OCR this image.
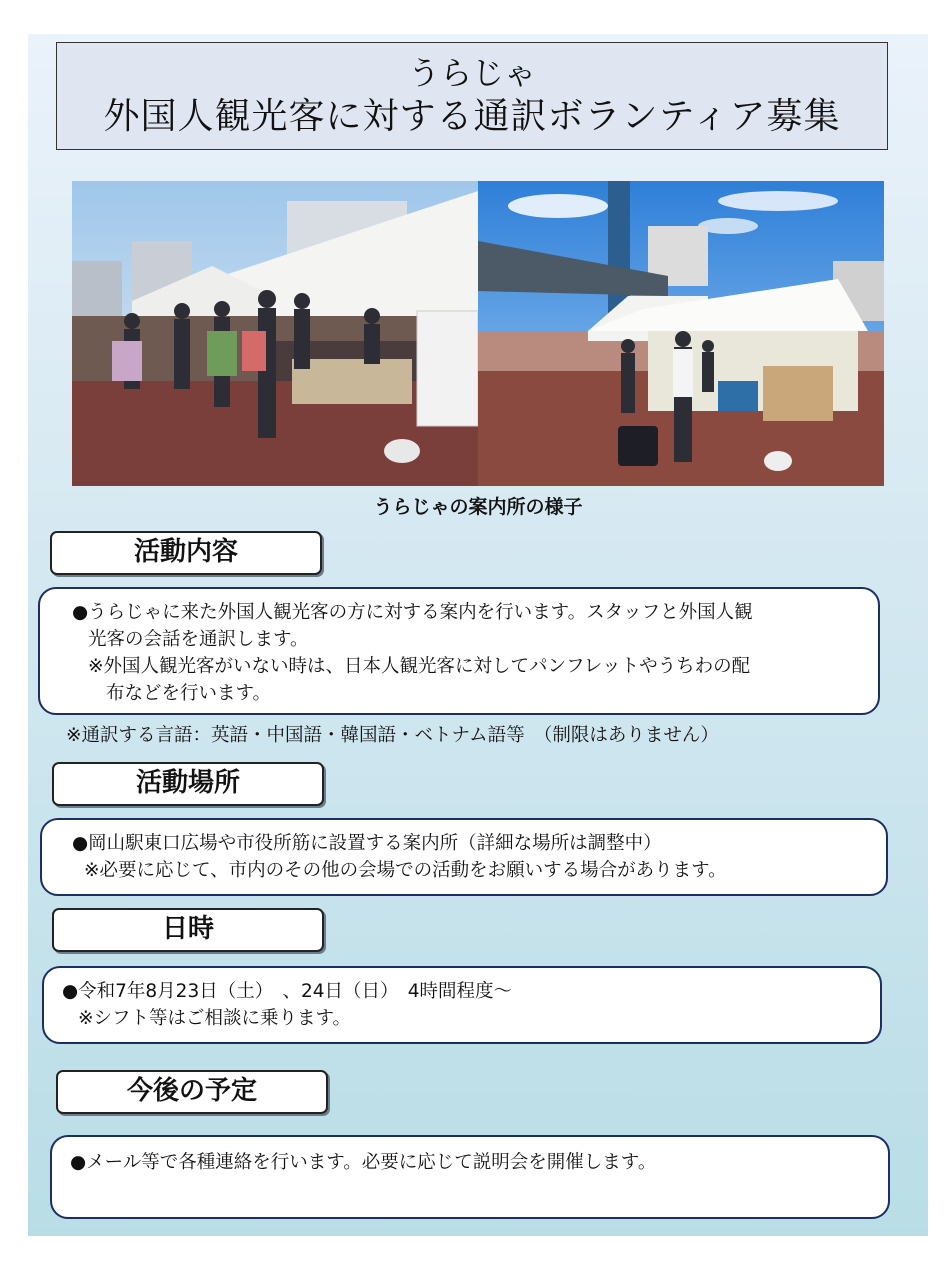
うらじゃ
外国人観光客に対する通訳ボランティア募集
うらじゃの案内所の様子
活動内容
●うらじゃに来た外国人観光客の方に対する案内を行います。スタッフと外国人観
光客の会話を通訳します。
※外国人観光客がいない時は、日本人観光客に対してパンフレットやうちわの配
布などを行います。
※通訳する言語：英語・中国語・韓国語・ベトナム語等　（制限はありません）
活動場所
●岡山駅東口広場や市役所筋に設置する案内所（詳細な場所は調整中）
※必要に応じて、市内のその他の会場での活動をお願いする場合があります。
日時
●令和7年8月23日（土）　、24日（日）　4時間程度～
※シフト等はご相談に乗ります。
今後の予定
●メール等で各種連絡を行います。必要に応じて説明会を開催します。
